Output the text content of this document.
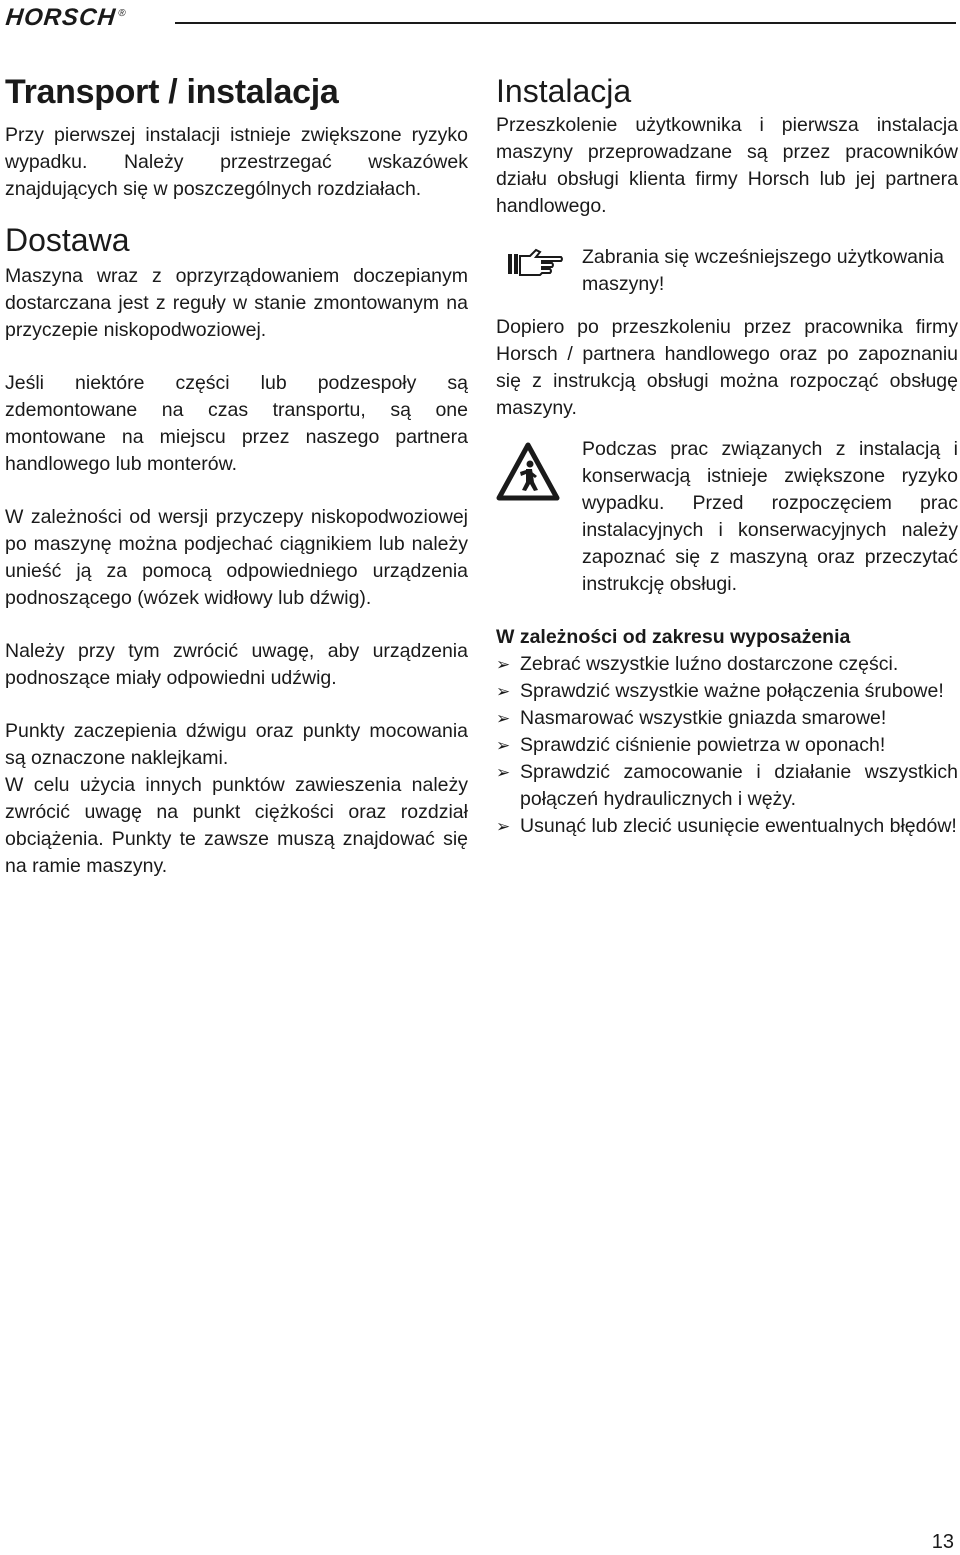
HORSCH®
Transport / instalacja

Przy pierwszej instalacji istnieje zwiększone ryzyko wypadku. Należy przestrzegać wskazówek znajdujących się w poszczególnych rozdziałach.

Dostawa

Maszyna wraz z oprzyrządowaniem doczepianym dostarczana jest z reguły w stanie zmontowanym na przyczepie niskopodwoziowej.

Jeśli niektóre części lub podzespoły są zdemontowane na czas transportu, są one montowane na miejscu przez naszego partnera handlowego lub monterów.

W zależności od wersji przyczepy niskopodwoziowej po maszynę można podjechać ciągnikiem lub należy unieść ją za pomocą odpowiedniego urządzenia podnoszącego (wózek widłowy lub dźwig).

Należy przy tym zwrócić uwagę, aby urządzenia podnoszące miały odpowiedni udźwig.

Punkty zaczepienia dźwigu oraz punkty mocowania są oznaczone naklejkami.

W celu użycia innych punktów zawieszenia należy zwrócić uwagę na punkt ciężkości oraz rozdział obciążenia. Punkty te zawsze muszą znajdować się na ramie maszyny.

Instalacja

Przeszkolenie użytkownika i pierwsza instalacja maszyny przeprowadzane są przez pracowników działu obsługi klienta firmy Horsch lub jej partnera handlowego.

Zabrania się wcześniejszego użytkowania maszyny!

Dopiero po przeszkoleniu przez pracownika firmy Horsch / partnera handlowego oraz po zapoznaniu się z instrukcją obsługi można rozpocząć obsługę maszyny.

Podczas prac związanych z instalacją i konserwacją istnieje zwiększone ryzyko wypadku. Przed rozpoczęciem prac instalacyjnych i konserwacyjnych należy zapoznać się z maszyną oraz przeczytać instrukcję obsługi.

W zależności od zakresu wyposażenia

➢ Zebrać wszystkie luźno dostarczone części.
➢ Sprawdzić wszystkie ważne połączenia śrubowe!
➢ Nasmarować wszystkie gniazda smarowe!
➢ Sprawdzić ciśnienie powietrza w oponach!
➢ Sprawdzić zamocowanie i działanie wszystkich połączeń hydraulicznych i węży.
➢ Usunąć lub zlecić usunięcie ewentualnych błędów!
13
